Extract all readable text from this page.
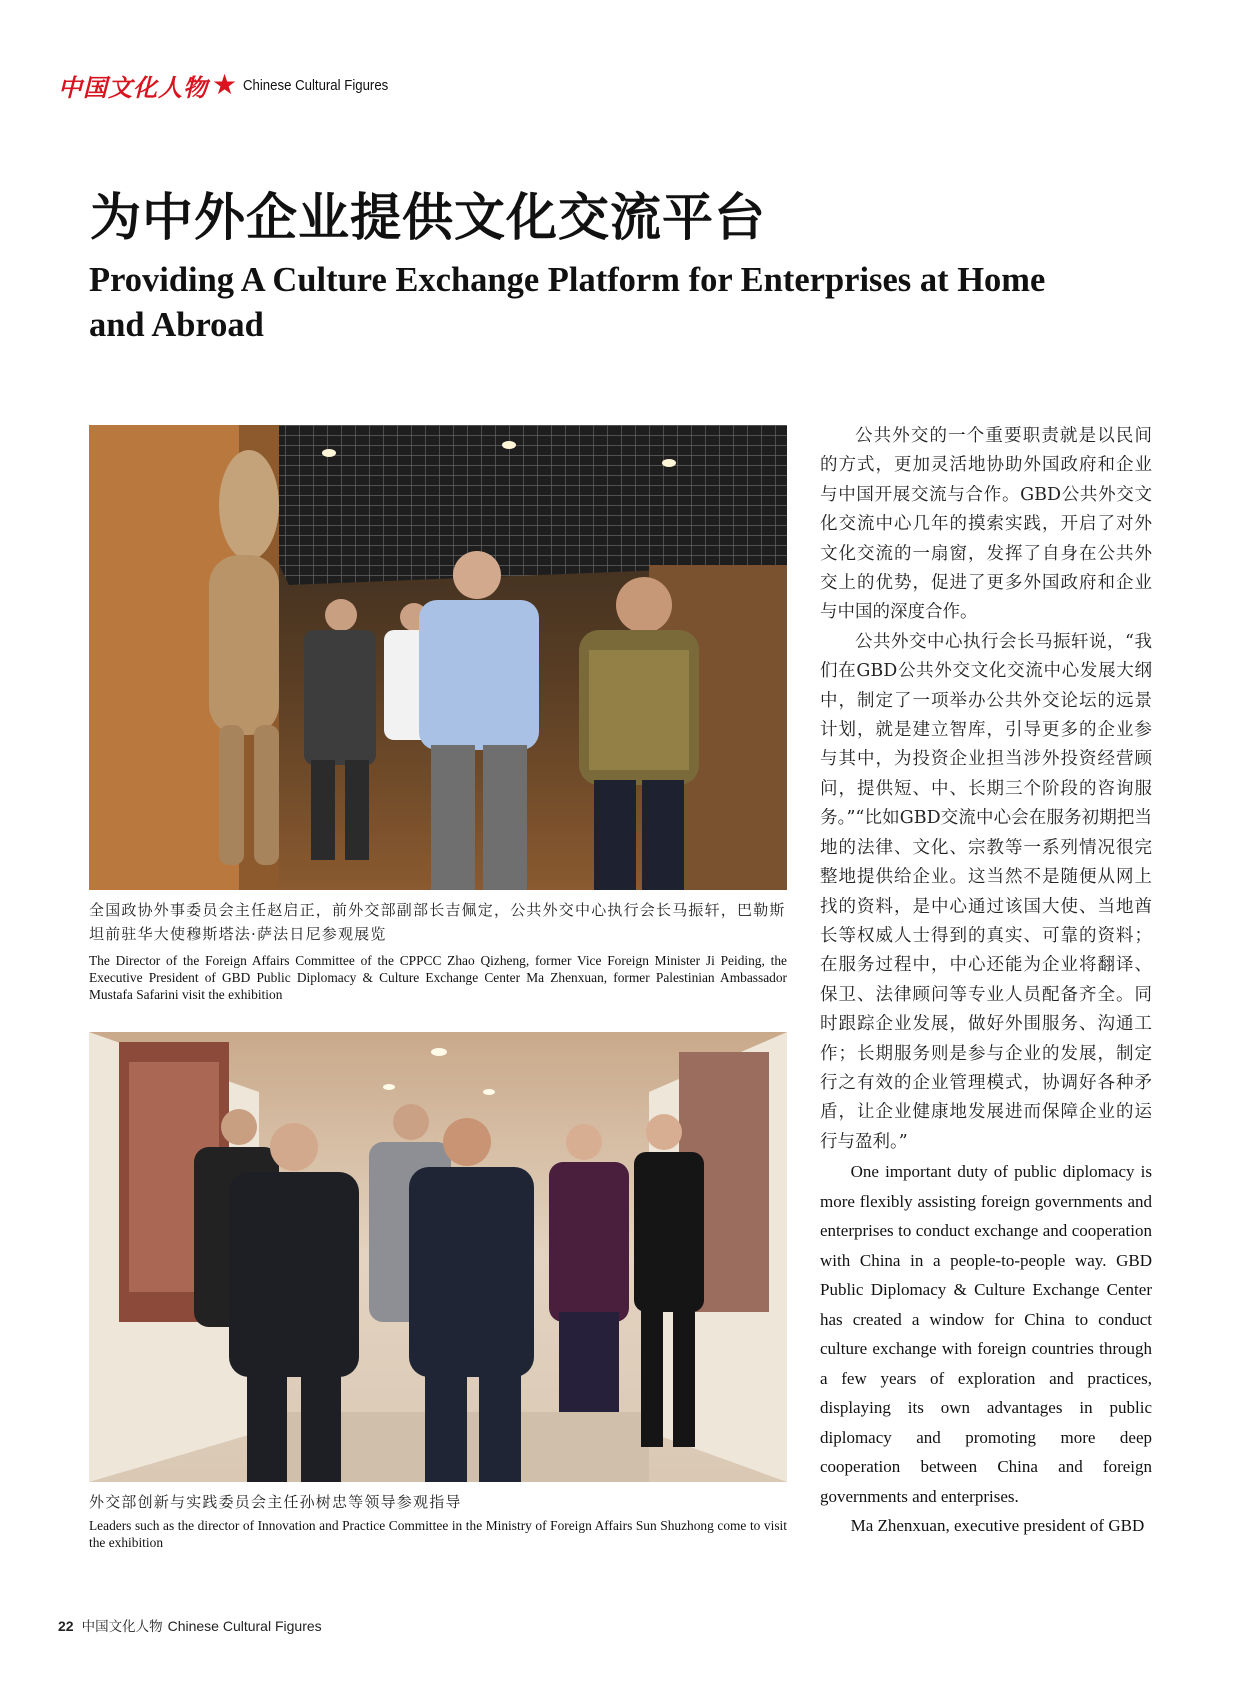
中国文化人物 ★ Chinese Cultural Figures
为中外企业提供文化交流平台
Providing A Culture Exchange Platform for Enterprises at Home and Abroad

全国政协外事委员会主任赵启正，前外交部副部长吉佩定，公共外交中心执行会长马振轩，巴勒斯坦前驻华大使穆斯塔法·萨法日尼参观展览

The Director of the Foreign Affairs Committee of the CPPCC Zhao Qizheng, former Vice Foreign Minister Ji Peiding, the Executive President of GBD Public Diplomacy & Culture Exchange Center Ma Zhenxuan, former Palestinian Ambassador Mustafa Safarini visit the exhibition

外交部创新与实践委员会主任孙树忠等领导参观指导

Leaders such as the director of Innovation and Practice Committee in the Ministry of Foreign Affairs Sun Shuzhong come to visit the exhibition

公共外交的一个重要职责就是以民间的方式，更加灵活地协助外国政府和企业与中国开展交流与合作。GBD公共外交文化交流中心几年的摸索实践，开启了对外文化交流的一扇窗，发挥了自身在公共外交上的优势，促进了更多外国政府和企业与中国的深度合作。

公共外交中心执行会长马振轩说，“我们在GBD公共外交文化交流中心发展大纲中，制定了一项举办公共外交论坛的远景计划，就是建立智库，引导更多的企业参与其中，为投资企业担当涉外投资经营顾问，提供短、中、长期三个阶段的咨询服务。”“比如GBD交流中心会在服务初期把当地的法律、文化、宗教等一系列情况很完整地提供给企业。这当然不是随便从网上找的资料，是中心通过该国大使、当地酋长等权威人士得到的真实、可靠的资料；在服务过程中，中心还能为企业将翻译、保卫、法律顾问等专业人员配备齐全。同时跟踪企业发展，做好外围服务、沟通工作；长期服务则是参与企业的发展，制定行之有效的企业管理模式，协调好各种矛盾，让企业健康地发展进而保障企业的运行与盈利。”

One important duty of public diplomacy is more flexibly assisting foreign governments and enterprises to conduct exchange and cooperation with China in a people-to-people way. GBD Public Diplomacy & Culture Exchange Center has created a window for China to conduct culture exchange with foreign countries through a few years of exploration and practices, displaying its own advantages in public diplomacy and promoting more deep cooperation between China and foreign governments and enterprises.

Ma Zhenxuan, executive president of GBD

22 中国文化人物 Chinese Cultural Figures
